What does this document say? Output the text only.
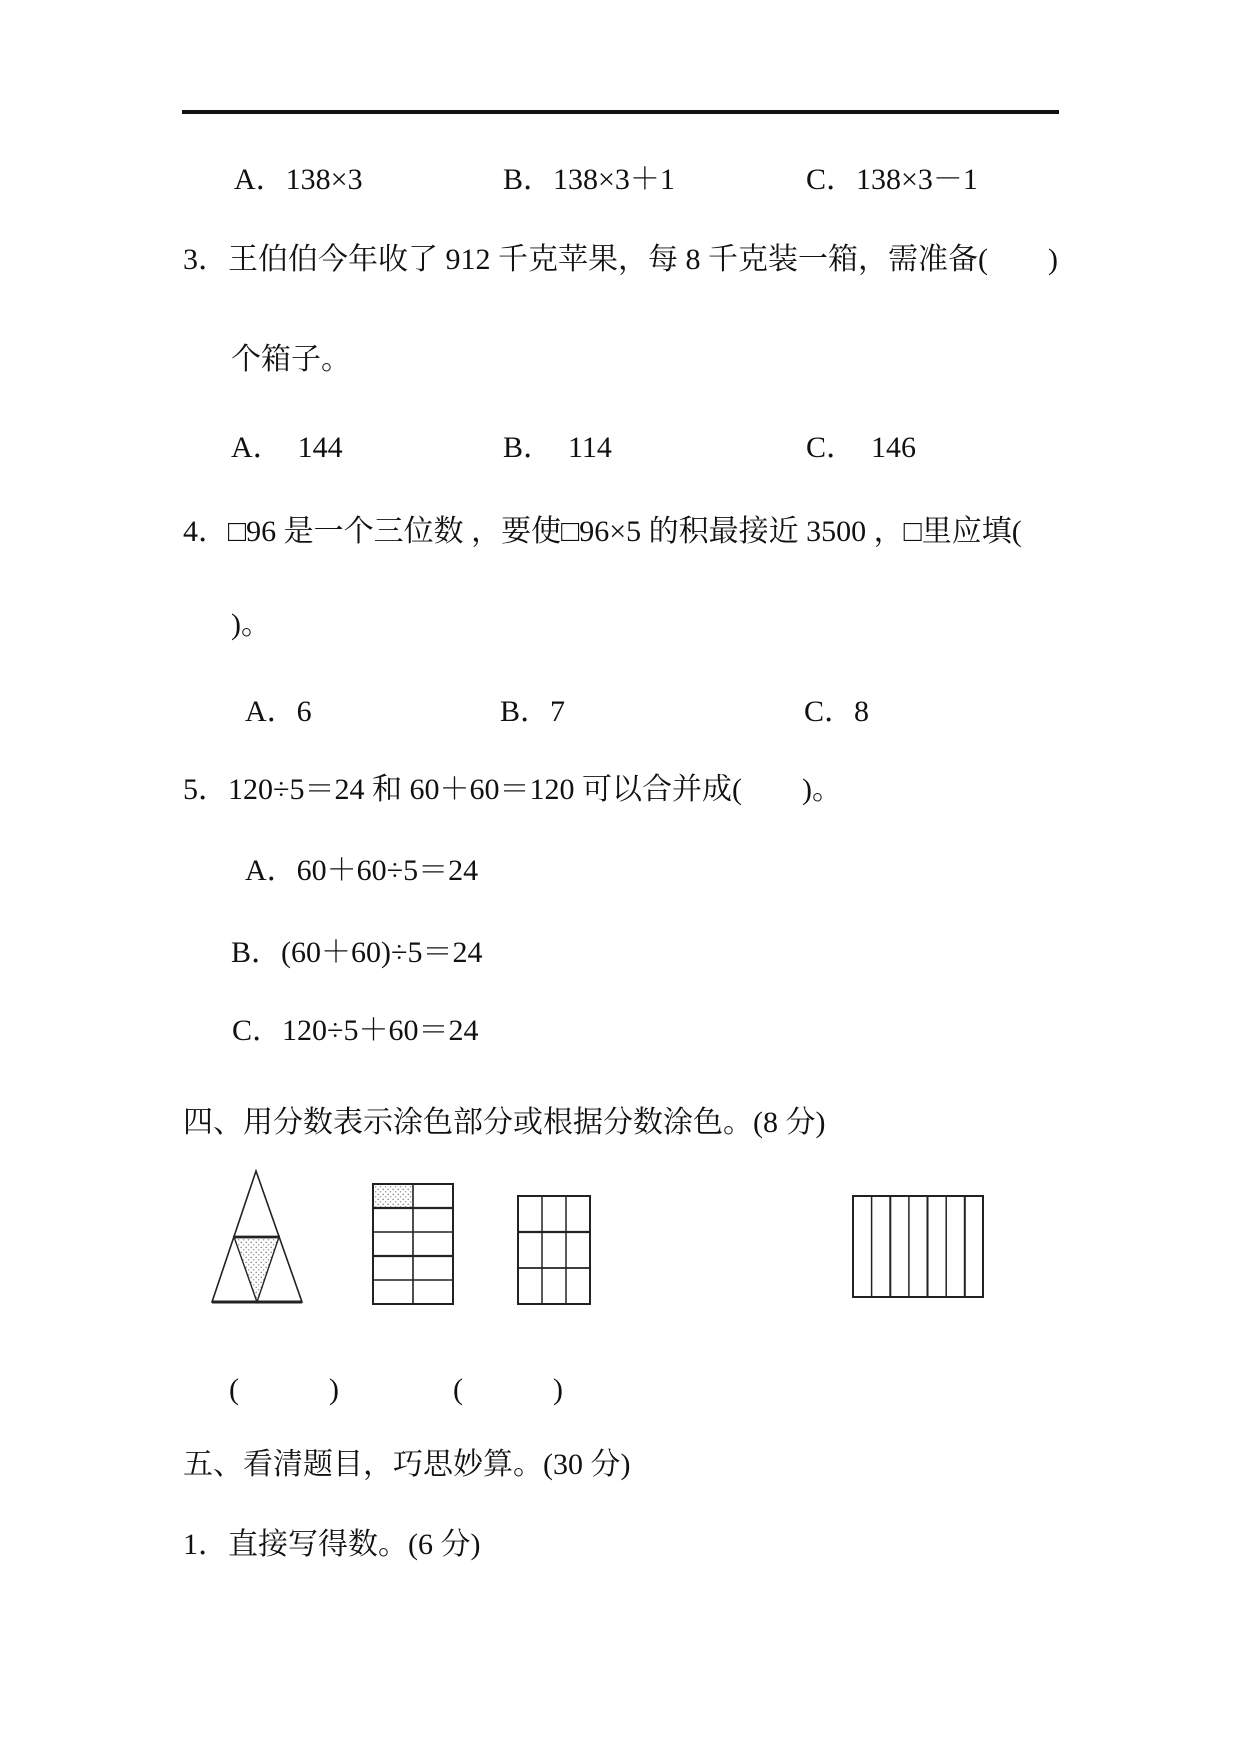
A．138×3	B．138×3＋1	C．138×3－1
3．王伯伯今年收了 912 千克苹果，每 8 千克装一箱，需准备(　　)
个箱子。
A．　144	B．　114	C．　146
4．□96 是一个三位数 ，要使□96×5 的积最接近 3500 ，□里应填(
)。
A．6	B．7	C．8
5．120÷5＝24 和 60＋60＝120 可以合并成(　　)。
A．60＋60÷5＝24
B．(60＋60)÷5＝24
C．120÷5＋60＝24
四、用分数表示涂色部分或根据分数涂色。(8 分)
(　　　)	(　　　)
五、看清题目，巧思妙算。(30 分)
1．直接写得数。(6 分)
